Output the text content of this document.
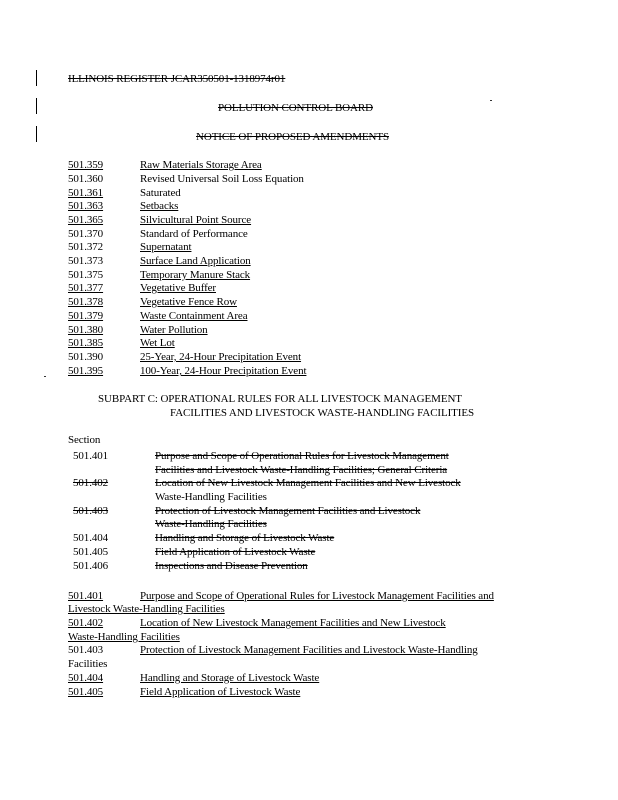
ILLINOIS REGISTER JCAR350501-1318974r01
POLLUTION CONTROL BOARD
NOTICE OF PROPOSED AMENDMENTS
501.359	Raw Materials Storage Area
501.360	Revised Universal Soil Loss Equation
501.361	Saturated
501.363	Setbacks
501.365	Silvicultural Point Source
501.370	Standard of Performance
501.372	Supernatant
501.373	Surface Land Application
501.375	Temporary Manure Stack
501.377	Vegetative Buffer
501.378	Vegetative Fence Row
501.379	Waste Containment Area
501.380	Water Pollution
501.385	Wet Lot
501.390	25-Year, 24-Hour Precipitation Event
501.395	100-Year, 24-Hour Precipitation Event
SUBPART C: OPERATIONAL RULES FOR ALL LIVESTOCK MANAGEMENT
FACILITIES AND LIVESTOCK WASTE-HANDLING FACILITIES
Section
501.401	Purpose and Scope of Operational Rules for Livestock Management
Facilities and Livestock Waste-Handling Facilities; General Criteria
501.402	Location of New Livestock Management Facilities and New Livestock
Waste-Handling Facilities
501.403	Protection of Livestock Management Facilities and Livestock
Waste-Handling Facilities
501.404	Handling and Storage of Livestock Waste
501.405	Field Application of Livestock Waste
501.406	Inspections and Disease Prevention
501.401	Purpose and Scope of Operational Rules for Livestock Management Facilities and
Livestock Waste-Handling Facilities
501.402	Location of New Livestock Management Facilities and New Livestock
Waste-Handling Facilities
501.403	Protection of Livestock Management Facilities and Livestock Waste-Handling
Facilities
501.404	Handling and Storage of Livestock Waste
501.405	Field Application of Livestock Waste
